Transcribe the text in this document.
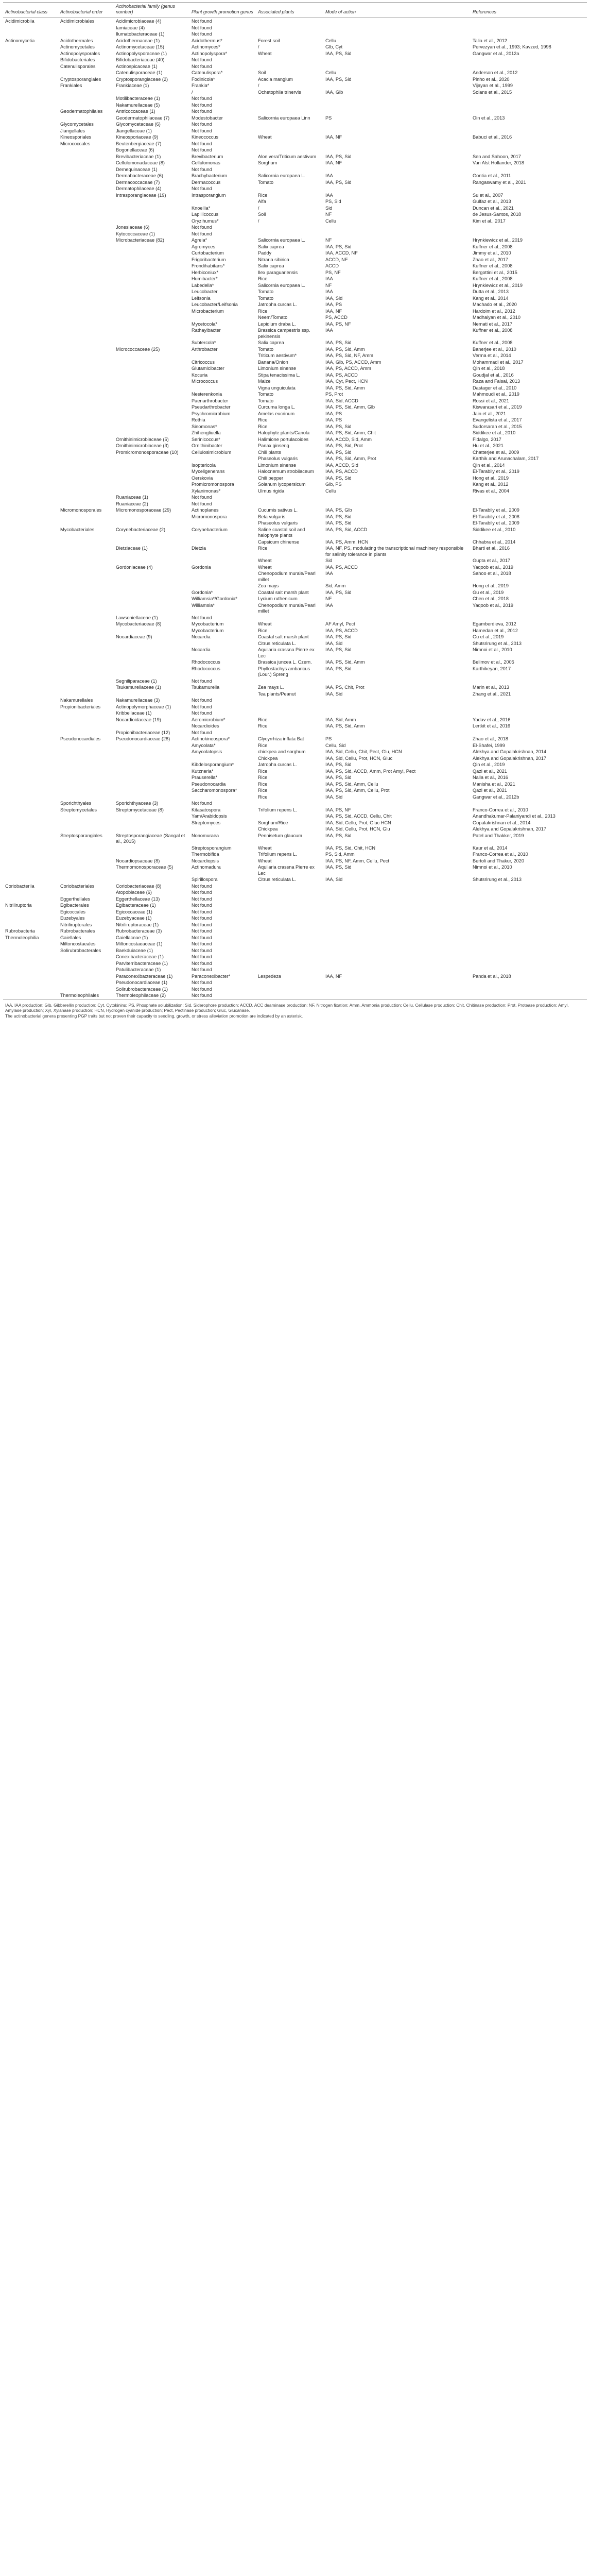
Actinobacterial class	Actinobacterial order	Actinobacterial family (genus number)	Plant growth promotion genus	Associated plants	Mode of action	References
Acidimicrobiia	Acidimicrobiales	Acidimicrobiaceae (4)	Not found			
		Iamiaceae (4)	Not found			
		Ilumatobacteraceae (1)	Not found			
Actinomycetia	Acidothermales	Acidothermaceae (1)	Acidothermus*	Forest soil	Cellu	Talia et al., 2012
	Actinomycetales	Actinomycetaceae (15)	Actinomyces*	/	Glb, Cyt	Pervezyan et al., 1993; Kavzed, 1998
	Actinopolysporales	Actinopolysporaceae (1)	Actinopolyspora*	Wheat	IAA, PS, Sid	Gangwar et al., 2012a
	Bifidobacteriales	Bifidobacteriaceae (40)	Not found			
	Catenulisporales	Actinospicaceae (1)	Not found			
		Catenulisporaceae (1)	Catenulispora*	Soil	Cellu	Anderson et al., 2012
	Cryptosporangiales	Cryptosporangiaceae (2)	Fodinicola*	Acacia mangium	IAA, PS, Sid	Pinho et al., 2020
	Frankiales	Frankiaceae (1)	Frankia*	/		Vijayan et al., 1999
			/	Ochetophila trinervis	IAA, Glb	Solans et al., 2015
		Motilibacteraceae (1)	Not found			
		Nakamurellaceae (5)	Not found			
	Geodermatophilales	Antricoccaceae (1)	Not found			
		Geodermatophilaceae (7)	Modestobacter	Salicornia europaea Linn	PS	Oin et al., 2013
	Glycomycetales	Glycomycetaceae (6)	Not found			
	Jiangellales	Jiangellaceae (1)	Not found			
	Kineosporiales	Kineosporiaceae (9)	Kineococcus	Wheat	IAA, NF	Babuci et al., 2016
	Micrococcales	Beutenbergiaceae (7)	Not found			
		Bogoriellaceae (6)	Not found			
		Brevibacteriaceae (1)	Brevibacterium	Aloe vera/Triticum aestivum	IAA, PS, Sid	Sen and Sahoon, 2017
		Cellulomonadaceae (8)	Cellulomonas	Sorghum	IAA, NF	Van Alst Hollander, 2018
		Demequinaceae (1)	Not found			
		Dermabacteraceae (6)	Brachybacterium	Salicornia europaea L.	IAA	Gontia et al., 2011
		Dermacoccaceae (7)	Dermacoccus	Tomato	IAA, PS, Sid	Rangaswamy et al., 2021
		Dermatophilaceae (4)	Not found			
		Intrasporangiaceae (19)	Intrasporangium	Rice	IAA	Su et al., 2007
				Alfa	PS, Sid	Gulfaz et al., 2013
			Knoellia*	/	Sid	Duncan et al., 2021
			Lapillicoccus	Soil	NF	de Jesus-Santos, 2018
			Oryzihumus*	/	Cellu	Kim et al., 2017
		Jonesiaceae (6)	Not found			
		Kytococcaceae (1)	Not found			
		Microbacteriaceae (82)	Agreia*	Salicornia europaea L.	NF	Hrynkiewicz et al., 2019
			Agromyces	Salix caprea	IAA, PS, Sid	Kuffner et al., 2008
			Curtobacterium	Paddy	IAA, ACCD, NF	Jimmy et al., 2010
			Frigoribacterium	Nitraria sibirica	ACCD, NF	Zhao et al., 2017
			Frondihabitans*	Salix caprea	ACCD	Kuffner et al., 2008
			Herbiconiux*	Ilex paraguariensis	PS, NF	Bergottini et al., 2015
			Humibacter*	Rice	IAA	Kuffner et al., 2008
			Labedella*	Salicornia europaea L.	NF	Hrynkiewicz et al., 2019
			Leucobacter	Tomato	IAA	Dutta et al., 2013
			Leifsonia	Tomato	IAA, Sid	Kang et al., 2014
			Leucobacter/Leifsonia	Jatropha curcas L.	IAA, PS	Machado et al., 2020
			Microbacterium	Rice	IAA, NF	Hardoim et al., 2012
				Neem/Tomato	PS, ACCD	Madhaiyan et al., 2010
			Mycetocola*	Lepidium draba L.	IAA, PS, NF	Nemati et al., 2017
			Rathayibacter	Brassica campestris ssp. pekinensis	IAA	Kuffner et al., 2008
			Subtercola*	Salix caprea	IAA, PS, Sid	Kuffner et al., 2008
		Micrococcaceae (25)	Arthrobacter	Tomato	IAA, PS, Sid, Amm	Banerjee et al., 2010
				Triticum aestivum*	IAA, PS, Sid, NF, Amm	Verma et al., 2014
			Citricoccus	Banana/Onion	IAA, Glb, PS, ACCD, Amm	Mohammadi et al., 2017
			Glutamicibacter	Limonium sinense	IAA, PS, ACCD, Amm	Qin et al., 2018
			Kocuria	Stipa tenacissima L.	IAA, PS, ACCD	Goudjal et al., 2016
			Micrococcus	Maize	IAA, Cyt, Pect, HCN	Raza and Faisal, 2013
				Vigna unguiculata	IAA, PS, Sid, Amm	Dastager et al., 2010
			Nesterenkonia	Tomato	PS, Prot	Mahmoudi et al., 2019
			Paenarthrobacter	Tomato	IAA, Sid, ACCD	Rossi et al., 2021
			Pseudarthrobacter	Curcuma longa L.	IAA, PS, Sid, Amm, Glb	Kiswarasari et al., 2019
			Psychromicrobium	Amelas eucrinum	IAA, PS	Jain et al., 2021
			Rothia	Rice	IAA, PS	Evangelista et al., 2017
			Sinomonas*	Rice	IAA, PS, Sid	Sudorsaran et al., 2015
			Zhihengliuella	Halophyte plants/Canola	IAA, PS, Sid, Amm, Chit	Siddikee et al., 2010
		Ornithinimicrobiaceae (5)	Serinicoccus*	Halimione portulacoides	IAA, ACCD, Sid, Amm	Fidalgo, 2017
		Ornithinimicrobiaceae (3)	Ornithinibacter	Panax ginseng	IAA, PS, Sid, Prot	Hu et al., 2021
		Promicromonosporaceae (10)	Cellulosimicrobium	Chili plants	IAA, PS, Sid	Chatterjee et al., 2009
				Phaseolus vulgaris	IAA, PS, Sid, Amm, Prot	Karthik and Arunachalam, 2017
			Isoptericola	Limonium sinense	IAA, ACCD, Sid	Qin et al., 2014
			Myceligenerans	Halocnemum strobilaceum	IAA, PS, ACCD	El-Tarabily et al., 2019
			Oerskovia	Chili pepper	IAA, PS, Sid	Hong et al., 2019
			Promicromonospora	Solanum lycopersicum	Glb, PS	Kang et al., 2012
			Xylanimonas*	Ulmus rigida	Cellu	Rivas et al., 2004
		Ruaniaceae (1)	Not found			
		Ruaniaceae (2)	Not found			
	Micromonosporales	Micromonosporaceae (29)	Actinoplanes	Cucumis sativus L.	IAA, PS, Glb	El-Tarabily et al., 2009
			Micromonospora	Beta vulgaris	IAA, PS, Sid	El-Tarabily et al., 2008
				Phaseolus vulgaris	IAA, PS, Sid	El-Tarabily et al., 2009
	Mycobacteriales	Corynebacteriaceae (2)	Corynebacterium	Saline coastal soil and halophyte plants	IAA, PS, Sid, ACCD	Siddikee et al., 2010
				Capsicum chinense	IAA, PS, Amm, HCN	Chhabra et al., 2014
		Dietziaceae (1)	Dietzia	Rice	IAA, NF, PS, modulating the transcriptional machinery responsible for salinity tolerance in plants	Bharti et al., 2016
				Wheat	Sid	Gupta et al., 2017
		Gordoniaceae (4)	Gordonia	Wheat	IAA, PS, ACCD	Yaqoob et al., 2019
				Chenopodium murale/Pearl millet	IAA	Sahoo et al., 2018
				Zea mays	Sid, Amm	Hong et al., 2019
			Gordonia*	Coastal salt marsh plant	IAA, PS, Sid	Gu et al., 2019
			Williamsia*/Gordonia*	Lycium ruthenicum	NF	Chen et al., 2018
			Williamsia*	Chenopodium murale/Pearl millet	IAA	Yaqoob et al., 2019
		Lawsoniellaceae (1)	Not found			
		Mycobacteriaceae (8)	Mycobacterium	Wheat	AF Amyl, Pect	Egamberdieva, 2012
			Mycobacterium	Rice	IAA, PS, ACCD	Hamedan et al., 2012
		Nocardiaceae (9)	Nocardia	Coastal salt marsh plant	IAA, PS, Sid	Gu et al., 2019
				Citrus reticulata L.	IAA, Sid	Shutsrirung et al., 2013
			Nocardia	Aquilaria crassna Pierre ex Lec	IAA, PS, Sid	Nimnoi et al., 2010
			Rhodococcus	Brassica juncea L. Czern.	IAA, PS, Sid, Amm	Belimov et al., 2005
			Rhodococcus	Phyllostachys ambaricus (Lour.) Spreng	IAA, PS, Sid	Karthikeyan, 2017
		Segniliparaceae (1)	Not found			
		Tsukamurellaceae (1)	Tsukamurella	Zea mays L.	IAA, PS, Chit, Prot	Marin et al., 2013
				Tea plants/Peanut	IAA, Sid	Zhang et al., 2021
	Nakamurellales	Nakamurellaceae (3)	Not found			
	Propionibacteriales	Actinopolymorphaceae (1)	Not found			
		Kribbellaceae (1)	Not found			
		Nocardioidaceae (19)	Aeromicrobium*	Rice	IAA, Sid, Amm	Yadav et al., 2016
			Nocardioides	Rice	IAA, PS, Sid, Amm	Lertkit et al., 2016
		Propionibacteriaceae (12)	Not found			
	Pseudonocardiales	Pseudonocardiaceae (28)	Actinokineospora*	Glycyrrhiza inflata Bat	PS	Zhao et al., 2018
			Amycolata*	Rice	Cellu, Sid	El-Shafei, 1999
			Amycolatopsis	chickpea and sorghum	IAA, Sid, Cellu, Chit, Pect, Glu, HCN	Alekhya and Gopalakrishnan, 2014
				Chickpea	IAA, Sid, Cellu, Prot, HCN, Gluc	Alekhya and Gopalakrishnan, 2017
			Kibdelosporangium*	Jatropha curcas L.	IAA, PS, Sid	Qin et al., 2019
			Kutzneria*	Rice	IAA, PS, Sid, ACCD, Amm, Prot Amyl, Pect	Qazi et al., 2021
			Prauserella*	Rice	IAA, PS, Sid	Nalla et al., 2016
			Pseudonocardia	Rice	IAA, PS, Sid, Amm, Cellu	Manisha et al., 2021
			Saccharomonospora*	Rice	IAA, PS, Sid, Amm, Cellu, Prot	Qazi et al., 2021
				Rice	IAA, Sid	Gangwar et al., 2012b
	Sporichthyales	Sporichthyaceae (3)	Not found			
	Streptomycetales	Streptomycetaceae (8)	Kitasatospora	Trifolium repens L.	IAA, PS, NF	Franco-Correa et al., 2010
			Yam/Arabidopsis		IAA, PS, Sid, ACCD, Cellu, Chit	Anandhakumar-Palaniyandi et al., 2013
			Streptomyces	Sorghum/Rice	IAA, Sid, Cellu, Prot, Gluc HCN	Gopalakrishnan et al., 2014
				Chickpea	IAA, Sid, Cellu, Prot, HCN, Glu	Alekhya and Gopalakrishnan, 2017
	Streptosporangiales	Streptosporangiaceae (Sangal et al., 2015)	Nonomuraea	Pennisetum glaucum	IAA, PS, Sid	Patel and Thakker, 2019
			Streptosporangium	Wheat	IAA, PS, Sid, Chit, HCN	Kaur et al., 2014
			Thermobifida	Trifolium repens L.	PS, Sid, Amm	Franco-Correa et al., 2010
		Nocardiopsaceae (8)	Nocardiopsis	Wheat	IAA, PS, NF, Amm, Cellu, Pect	Bertoli and Thakur, 2020
		Thermomonosporaceae (5)	Actinomadura	Aquilaria crassna Pierre ex Lec	IAA, PS, Sid	Nimnoi et al., 2010
			Spirillospora	Citrus reticulata L.	IAA, Sid	Shutsrirung et al., 2013
Coriobacteriia	Coriobacteriales	Coriobacteriaceae (8)	Not found			
		Atopobiaceae (6)	Not found			
	Eggerthellales	Eggerthellaceae (13)	Not found			
Nitriliruptoria	Egibacterales	Egibacteraceae (1)	Not found			
	Egicoccales	Egicoccaceae (1)	Not found			
	Euzebyales	Euzebyaceae (1)	Not found			
	Nitriliruptorales	Nitriliruptoraceae (1)	Not found			
Rubrobacteria	Rubrobacterales	Rubrobacteraceae (3)	Not found			
Thermoleophilia	Gaiellales	Gaiellaceae (1)	Not found			
	Miltoncostaeales	Miltoncostaeaceae (1)	Not found			
	Solirubrobacterales	Baekduiaceae (1)	Not found			
		Conexibacteraceae (1)	Not found			
		Parviterribacteraceae (1)	Not found			
		Patulibacteraceae (1)	Not found			
		Paraconexibacteraceae (1)	Paraconexibacter*	Lespedeza	IAA, NF	Panda et al., 2018
		Pseudonocardiaceae (1)	Not found			
		Solirubrobacteraceae (1)	Not found			
	Thermoleophilales	Thermoleophilaceae (2)	Not found			

IAA, IAA production; Glb, Gibberellin production; Cyt, Cytokinins; PS, Phosphate solubilization; Sid, Siderophore production; ACCD, ACC deaminase production; NF, Nitrogen fixation; Amm, Ammonia production; Cellu, Cellulase production; Chit, Chitinase production; Prot, Protease production; Amyl, Amylase production; Xyl, Xylanase production; HCN, Hydrogen cyanide production; Pect, Pectinase production; Gluc, Glucanase.

The actinobacterial genera presenting PGP traits but not proven their capacity to seedling, growth, or stress alleviation promotion are indicated by an asterisk.
